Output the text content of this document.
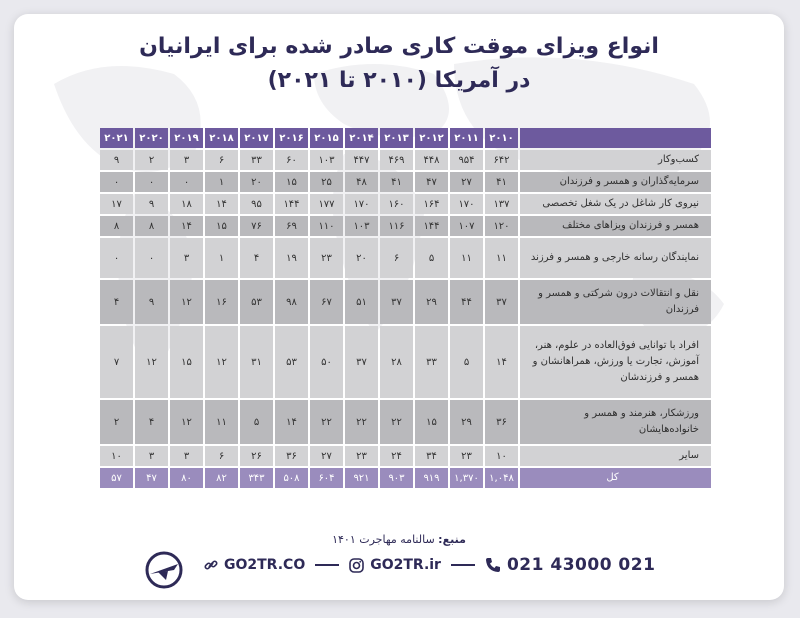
انواع ویزای موقت کاری صادر شده برای ایرانیان
در آمریکا (۲۰۱۰ تا ۲۰۲۱)
	۲۰۱۰	۲۰۱۱	۲۰۱۲	۲۰۱۳	۲۰۱۴	۲۰۱۵	۲۰۱۶	۲۰۱۷	۲۰۱۸	۲۰۱۹	۲۰۲۰	۲۰۲۱
کسب‌وکار	۶۴۲	۹۵۴	۴۴۸	۴۶۹	۴۴۷	۱۰۳	۶۰	۳۳	۶	۳	۲	۹
سرمایه‌گذاران و همسر و فرزندان	۴۱	۲۷	۴۷	۴۱	۴۸	۲۵	۱۵	۲۰	۱	۰	۰	۰
نیروی کار شاغل در یک شغل تخصصی	۱۳۷	۱۷۰	۱۶۴	۱۶۰	۱۷۰	۱۷۷	۱۴۴	۹۵	۱۴	۱۸	۹	۱۷
همسر و فرزندان ویزاهای مختلف	۱۲۰	۱۰۷	۱۴۴	۱۱۶	۱۰۳	۱۱۰	۶۹	۷۶	۱۵	۱۴	۸	۸
نمایندگان رسانه خارجی و همسر و فرزند	۱۱	۱۱	۵	۶	۲۰	۲۳	۱۹	۴	۱	۳	۰	۰
نقل و انتقالات درون شرکتی و همسر و فرزندان	۳۷	۴۴	۲۹	۳۷	۵۱	۶۷	۹۸	۵۳	۱۶	۱۲	۹	۴
افراد با توانایی فوق‌العاده در علوم، هنر، آموزش، تجارت یا ورزش، همراهانشان و همسر و فرزندشان	۱۴	۵	۳۳	۲۸	۳۷	۵۰	۵۳	۳۱	۱۲	۱۵	۱۲	۷
ورزشکار، هنرمند و همسر و خانواده‌هایشان	۳۶	۲۹	۱۵	۲۲	۲۲	۲۲	۱۴	۵	۱۱	۱۲	۴	۲
سایر	۱۰	۲۳	۳۴	۲۴	۲۳	۲۷	۳۶	۲۶	۶	۳	۳	۱۰
کل	۱,۰۴۸	۱,۳۷۰	۹۱۹	۹۰۳	۹۲۱	۶۰۴	۵۰۸	۳۴۳	۸۲	۸۰	۴۷	۵۷
منبع: سالنامه مهاجرت ۱۴۰۱
GO2TR.CO	GO2TR.ir	021 43000 021
